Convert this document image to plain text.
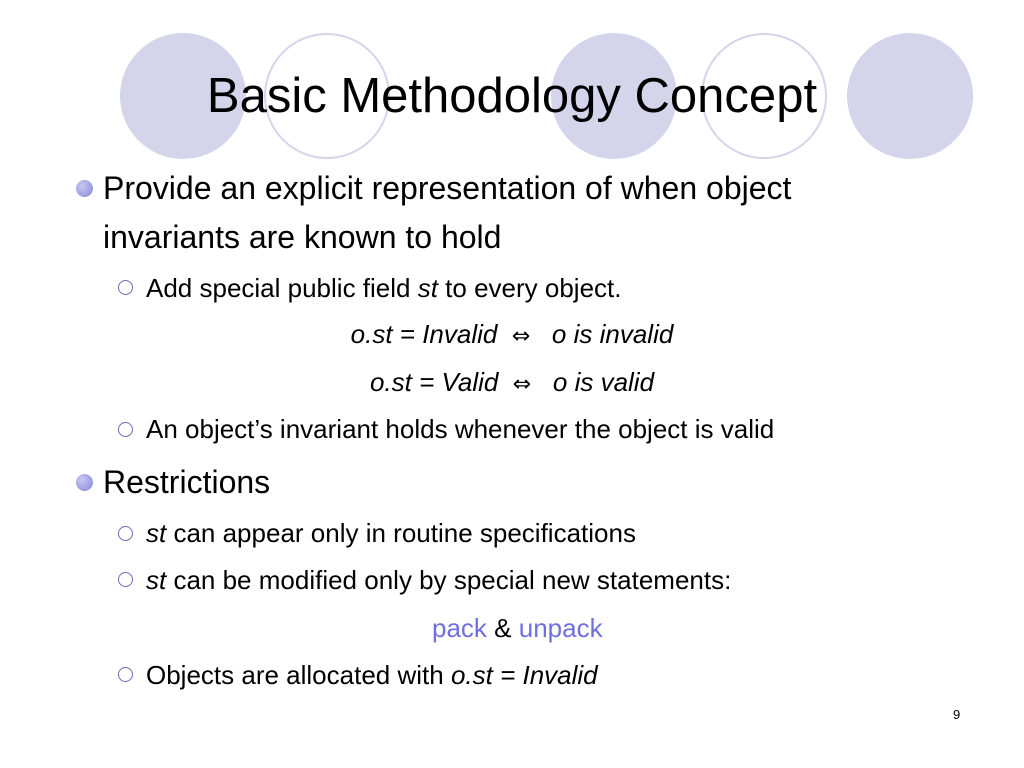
Basic Methodology Concept
Provide an explicit representation of when object
invariants are known to hold
Add special public field st to every object.
o.st = Invalid ⇔ o is invalid
o.st = Valid ⇔ o is valid
An object’s invariant holds whenever the object is valid
Restrictions
st can appear only in routine specifications
st can be modified only by special new statements:
pack & unpack
Objects are allocated with o.st = Invalid
9
